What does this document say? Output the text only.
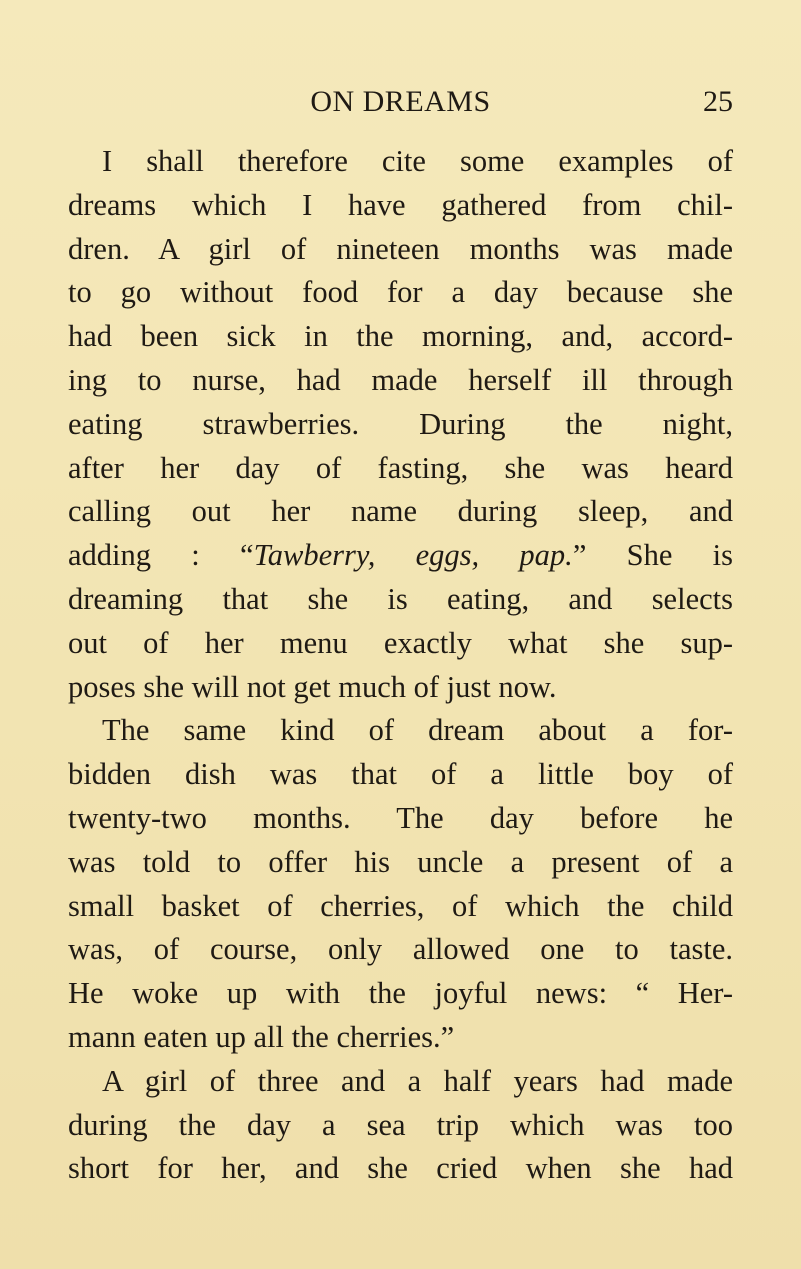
ON DREAMS	25
I shall therefore cite some examples of
dreams which I have gathered from chil-
dren. A girl of nineteen months was made
to go without food for a day because she
had been sick in the morning, and, accord-
ing to nurse, had made herself ill through
eating strawberries. During the night,
after her day of fasting, she was heard
calling out her name during sleep, and
adding : “Tawberry, eggs, pap.” She is
dreaming that she is eating, and selects
out of her menu exactly what she sup-
poses she will not get much of just now.
The same kind of dream about a for-
bidden dish was that of a little boy of
twenty-two months. The day before he
was told to offer his uncle a present of a
small basket of cherries, of which the child
was, of course, only allowed one to taste.
He woke up with the joyful news: “ Her-
mann eaten up all the cherries.”
A girl of three and a half years had made
during the day a sea trip which was too
short for her, and she cried when she had
